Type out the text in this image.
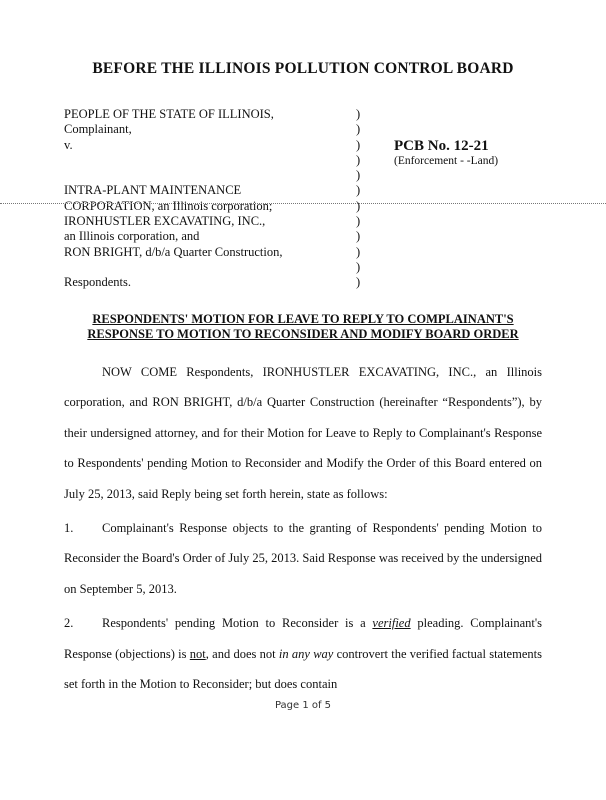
BEFORE THE ILLINOIS POLLUTION CONTROL BOARD
PEOPLE OF THE STATE OF ILLINOIS,
Complainant,
v.
INTRA-PLANT MAINTENANCE
CORPORATION, an Illinois corporation;
IRONHUSTLER EXCAVATING, INC.,
an Illinois corporation, and
RON BRIGHT, d/b/a Quarter Construction,
Respondents.
)
)
)
)
)
)
)
)
)
)
)
)
PCB No. 12-21
(Enforcement - -Land)
RESPONDENTS' MOTION FOR LEAVE TO REPLY TO COMPLAINANT'S
RESPONSE TO MOTION TO RECONSIDER AND MODIFY BOARD ORDER

NOW COME Respondents, IRONHUSTLER EXCAVATING, INC., an Illinois corporation, and RON BRIGHT, d/b/a Quarter Construction (hereinafter “Respondents”), by their undersigned attorney, and for their Motion for Leave to Reply to Complainant's Response to Respondents' pending Motion to Reconsider and Modify the Order of this Board entered on July 25, 2013, said Reply being set forth herein, state as follows:

1. Complainant's Response objects to the granting of Respondents' pending Motion to Reconsider the Board's Order of July 25, 2013. Said Response was received by the undersigned on September 5, 2013.

2. Respondents' pending Motion to Reconsider is a verified pleading. Complainant's Response (objections) is not, and does not in any way controvert the verified factual statements set forth in the Motion to Reconsider; but does contain

Page 1 of 5
